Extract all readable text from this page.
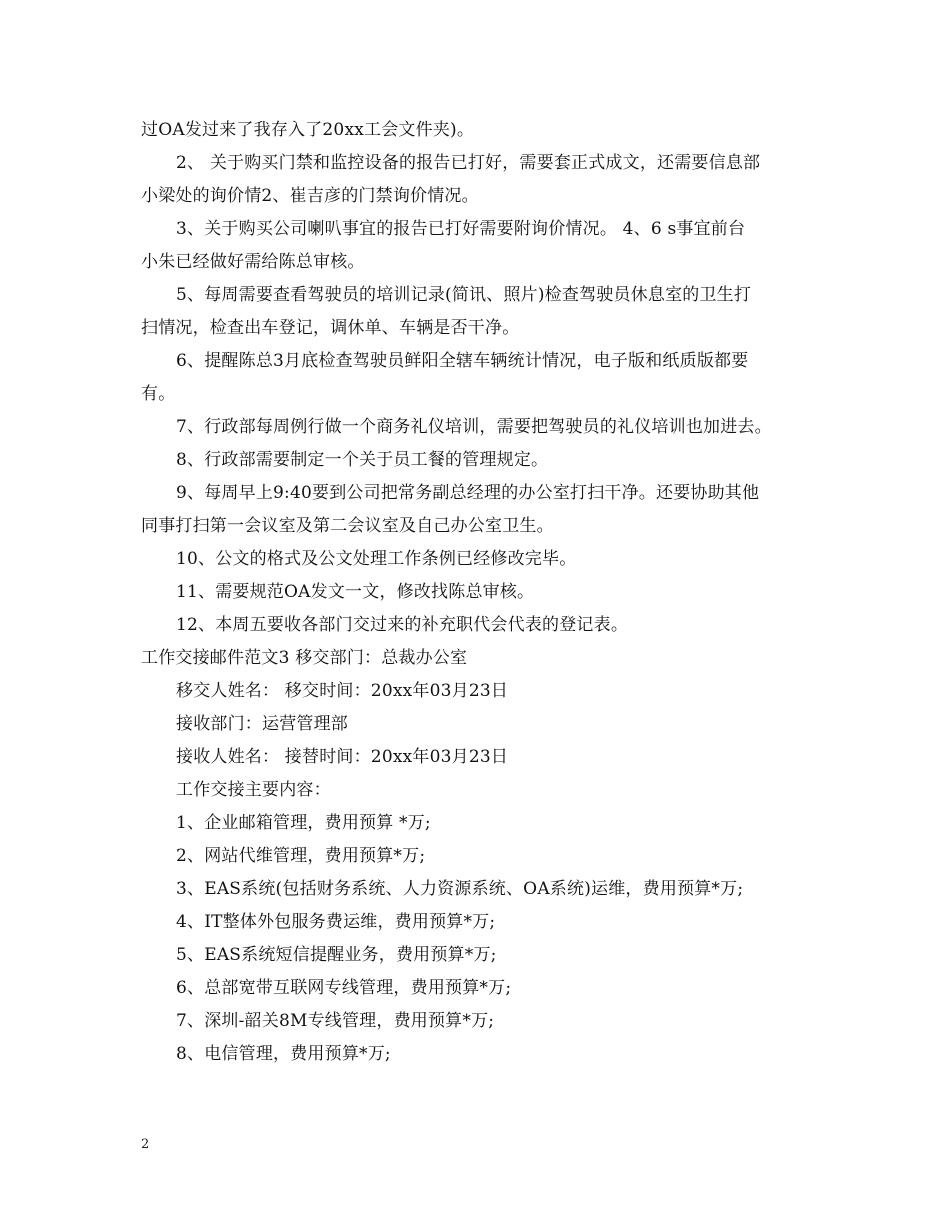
过OA发过来了我存入了20xx工会文件夹)。
2、 关于购买门禁和监控设备的报告已打好，需要套正式成文，还需要信息部
小梁处的询价情2、崔吉彦的门禁询价情况。
3、关于购买公司喇叭事宜的报告已打好需要附询价情况。 4、6 s事宜前台
小朱已经做好需给陈总审核。
5、每周需要查看驾驶员的培训记录(简讯、照片)检查驾驶员休息室的卫生打
扫情况，检查出车登记，调休单、车辆是否干净。
6、提醒陈总3月底检查驾驶员鲜阳全辖车辆统计情况，电子版和纸质版都要
有。
7、行政部每周例行做一个商务礼仪培训，需要把驾驶员的礼仪培训也加进去。
8、行政部需要制定一个关于员工餐的管理规定。
9、每周早上9:40要到公司把常务副总经理的办公室打扫干净。还要协助其他
同事打扫第一会议室及第二会议室及自己办公室卫生。
10、公文的格式及公文处理工作条例已经修改完毕。
11、需要规范OA发文一文，修改找陈总审核。
12、本周五要收各部门交过来的补充职代会代表的登记表。
工作交接邮件范文3 移交部门：总裁办公室
移交人姓名： 移交时间：20xx年03月23日
接收部门：运营管理部
接收人姓名： 接替时间：20xx年03月23日
工作交接主要内容：
1、企业邮箱管理，费用预算 *万;
2、网站代维管理，费用预算*万;
3、EAS系统(包括财务系统、人力资源系统、OA系统)运维，费用预算*万;
4、IT整体外包服务费运维，费用预算*万;
5、EAS系统短信提醒业务，费用预算*万;
6、总部宽带互联网专线管理，费用预算*万;
7、深圳-韶关8M专线管理，费用预算*万;
8、电信管理，费用预算*万;
2
